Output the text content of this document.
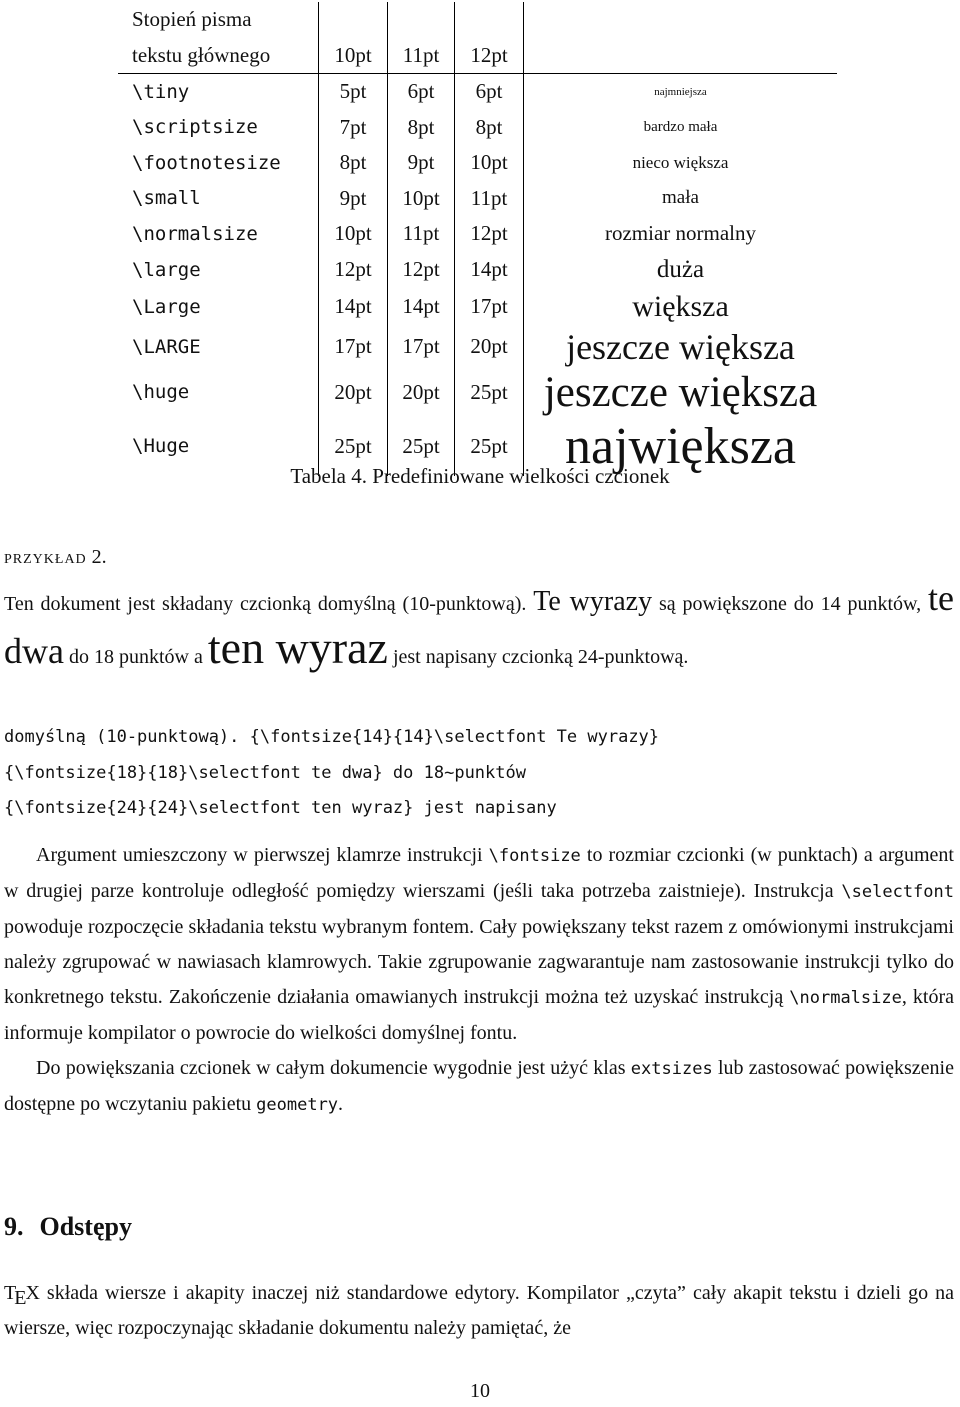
Stopień pisma				
tekstu głównego	10pt	11pt	12pt	
\tiny	5pt	6pt	6pt	najmniejsza
\scriptsize	7pt	8pt	8pt	bardzo mała
\footnotesize	8pt	9pt	10pt	nieco większa
\small	9pt	10pt	11pt	mała
\normalsize	10pt	11pt	12pt	rozmiar normalny
\large	12pt	12pt	14pt	duża
\Large	14pt	14pt	17pt	większa
\LARGE	17pt	17pt	20pt	jeszcze większa
\huge	20pt	20pt	25pt	jeszcze większa
\Huge	25pt	25pt	25pt	największa
Tabela 4. Predefiniowane wielkości czcionek
przykład 2.
Ten dokument jest składany czcionką domyślną (10-punktową). Te wyrazy są powiększone do 14 punktów, te dwa do 18 punktów a ten wyraz jest napisany czcionką 24-punktową.
domyślną (10-punktową). {\fontsize{14}{14}\selectfont Te wyrazy}
{\fontsize{18}{18}\selectfont te dwa} do 18~punktów
{\fontsize{24}{24}\selectfont ten wyraz} jest napisany
Argument umieszczony w pierwszej klamrze instrukcji \fontsize to rozmiar czcionki (w punktach) a argument w drugiej parze kontroluje odległość pomiędzy wierszami (jeśli taka potrzeba zaistnieje). Instrukcja \selectfont powoduje rozpoczęcie składania tekstu wybranym fontem. Cały powiększany tekst razem z omówionymi instrukcjami należy zgrupować w nawiasach klamrowych. Takie zgrupowanie zagwarantuje nam zastosowanie instrukcji tylko do konkretnego tekstu. Zakończenie działania omawianych instrukcji można też uzyskać instrukcją \normalsize, która informuje kompilator o powrocie do wielkości domyślnej fontu.
Do powiększania czcionek w całym dokumencie wygodnie jest użyć klas extsizes lub zastosować powiększenie dostępne po wczytaniu pakietu geometry.
9. Odstępy
TEX składa wiersze i akapity inaczej niż standardowe edytory. Kompilator „czyta” cały akapit tekstu i dzieli go na wiersze, więc rozpoczynając składanie dokumentu należy pamiętać, że
10
